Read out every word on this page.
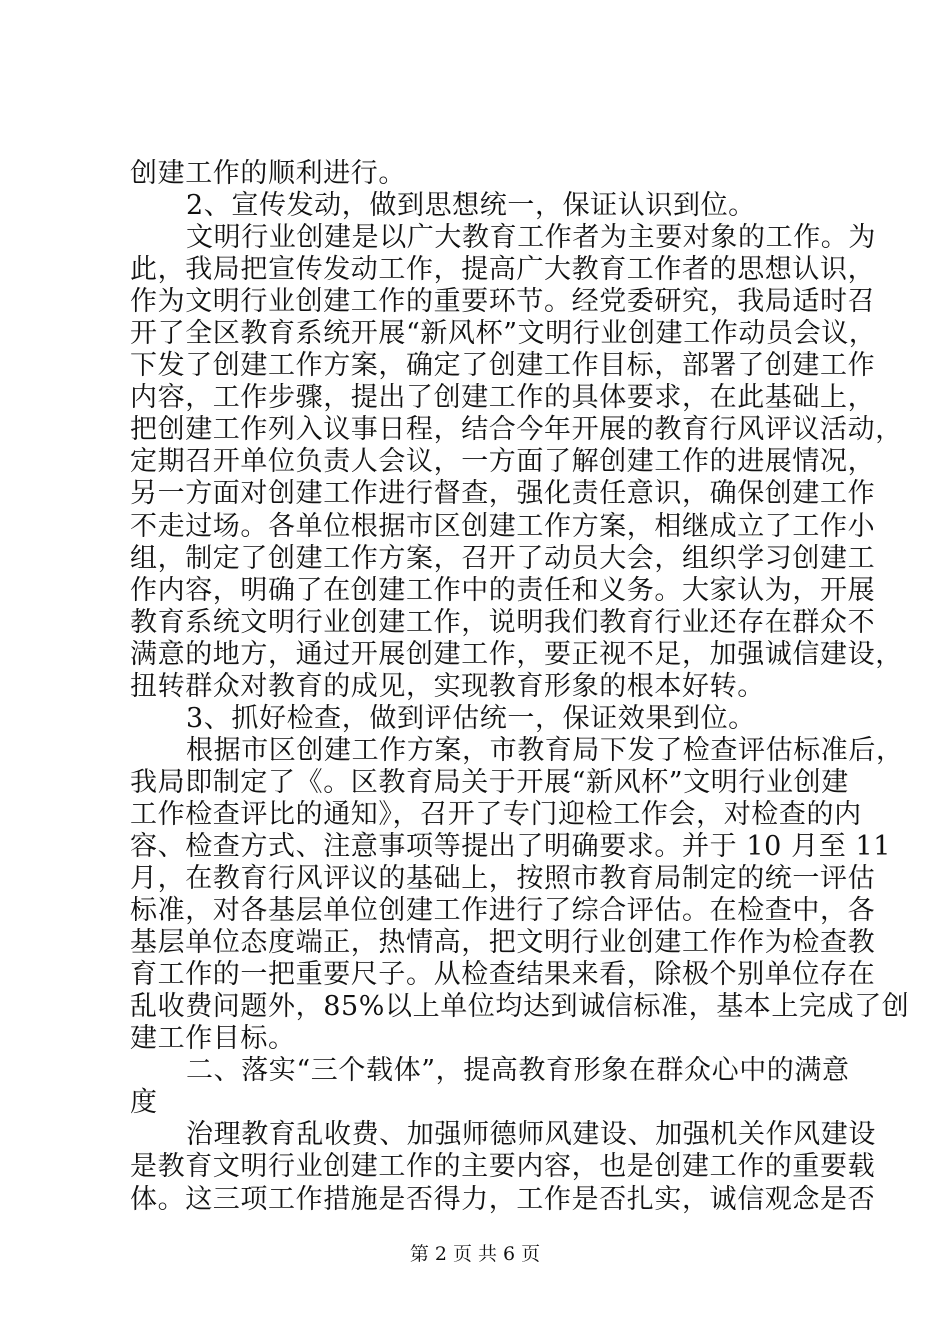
创建工作的顺利进行。
2、宣传发动，做到思想统一，保证认识到位。
文明行业创建是以广大教育工作者为主要对象的工作。为
此，我局把宣传发动工作，提高广大教育工作者的思想认识，
作为文明行业创建工作的重要环节。经党委研究，我局适时召
开了全区教育系统开展“新风杯”文明行业创建工作动员会议，
下发了创建工作方案，确定了创建工作目标，部署了创建工作
内容，工作步骤，提出了创建工作的具体要求，在此基础上，
把创建工作列入议事日程，结合今年开展的教育行风评议活动，
定期召开单位负责人会议，一方面了解创建工作的进展情况，
另一方面对创建工作进行督查，强化责任意识，确保创建工作
不走过场。各单位根据市区创建工作方案，相继成立了工作小
组，制定了创建工作方案，召开了动员大会，组织学习创建工
作内容，明确了在创建工作中的责任和义务。大家认为，开展
教育系统文明行业创建工作，说明我们教育行业还存在群众不
满意的地方，通过开展创建工作，要正视不足，加强诚信建设，
扭转群众对教育的成见，实现教育形象的根本好转。
3、抓好检查，做到评估统一，保证效果到位。
根据市区创建工作方案，市教育局下发了检查评估标准后，
我局即制定了《。区教育局关于开展“新风杯”文明行业创建
工作检查评比的通知》，召开了专门迎检工作会，对检查的内
容、检查方式、注意事项等提出了明确要求。并于 10 月至 11
月，在教育行风评议的基础上，按照市教育局制定的统一评估
标准，对各基层单位创建工作进行了综合评估。在检查中，各
基层单位态度端正，热情高，把文明行业创建工作作为检查教
育工作的一把重要尺子。从检查结果来看，除极个别单位存在
乱收费问题外，85%以上单位均达到诚信标准，基本上完成了创
建工作目标。
二、落实“三个载体”，提高教育形象在群众心中的满意
度
治理教育乱收费、加强师德师风建设、加强机关作风建设
是教育文明行业创建工作的主要内容，也是创建工作的重要载
体。这三项工作措施是否得力，工作是否扎实，诚信观念是否
第 2 页 共 6 页
